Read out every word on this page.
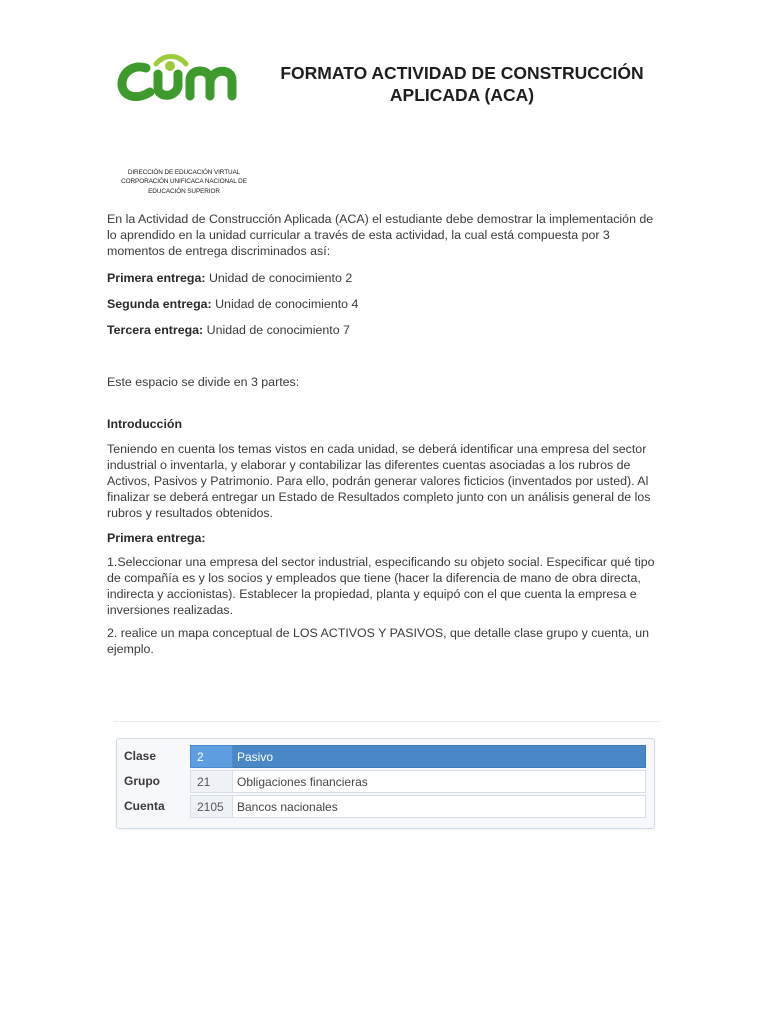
FORMATO ACTIVIDAD DE CONSTRUCCIÓN
APLICADA (ACA)
DIRECCIÓN DE EDUCACIÓN VIRTUAL
CORPORACIÓN UNIFICACA NACIONAL DE
EDUCACIÓN SUPERIOR

En la Actividad de Construcción Aplicada (ACA) el estudiante debe demostrar la implementación de lo aprendido en la unidad curricular a través de esta actividad, la cual está compuesta por 3 momentos de entrega discriminados así:

Primera entrega: Unidad de conocimiento 2

Segunda entrega: Unidad de conocimiento 4

Tercera entrega: Unidad de conocimiento 7

Este espacio se divide en 3 partes:

Introducción

Teniendo en cuenta los temas vistos en cada unidad, se deberá identificar una empresa del sector industrial o inventarla, y elaborar y contabilizar las diferentes cuentas asociadas a los rubros de Activos, Pasivos y Patrimonio. Para ello, podrán generar valores ficticios (inventados por usted). Al finalizar se deberá entregar un Estado de Resultados completo junto con un análisis general de los rubros y resultados obtenidos.

Primera entrega:

1.Seleccionar una empresa del sector industrial, especificando su objeto social. Especificar qué tipo de compañía es y los socios y empleados que tiene (hacer la diferencia de mano de obra directa, indirecta y accionistas). Establecer la propiedad, planta y equipó con el que cuenta la empresa e inversiones realizadas.

2. realice un mapa conceptual de LOS ACTIVOS Y PASIVOS, que detalle clase grupo y cuenta, un ejemplo.

Clase	2	Pasivo
Grupo	21	Obligaciones financieras
Cuenta	2105	Bancos nacionales
